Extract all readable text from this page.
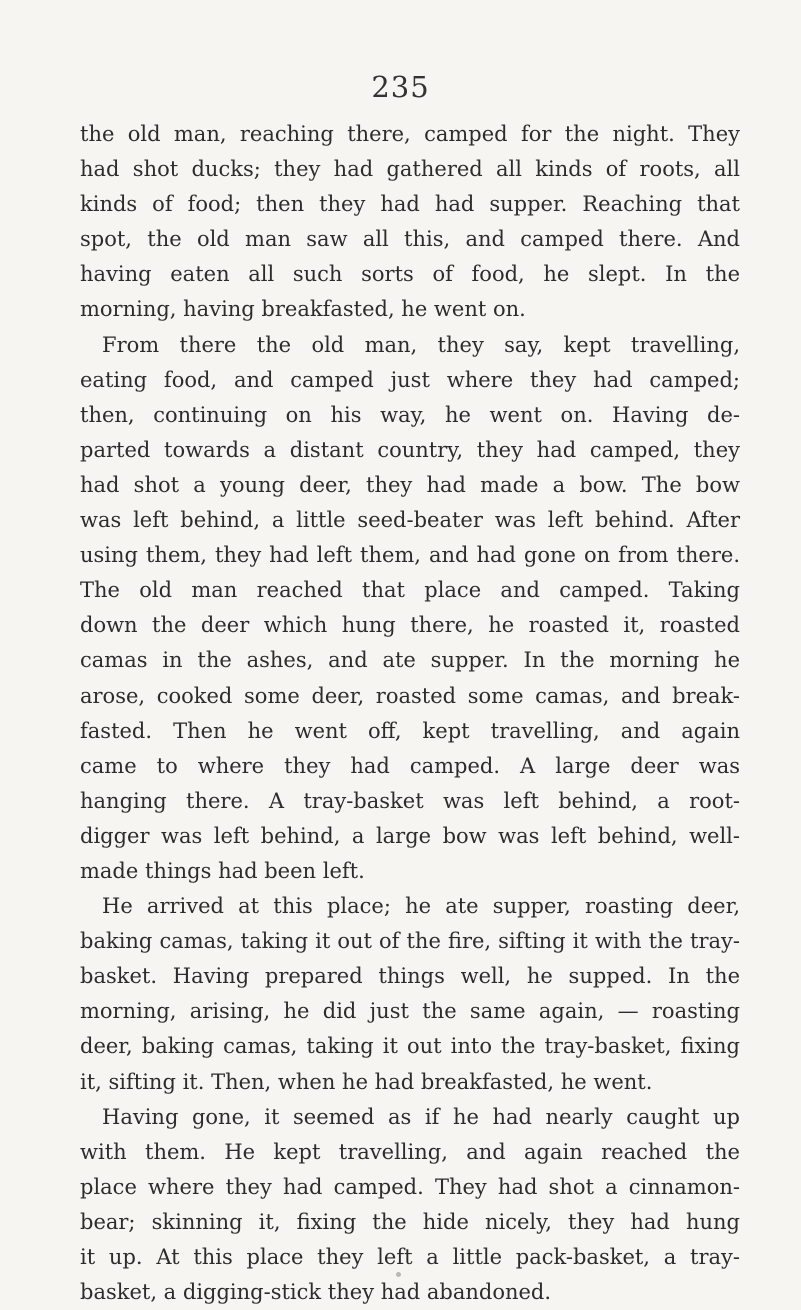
235
the old man, reaching there, camped for the night. They
had shot ducks; they had gathered all kinds of roots, all
kinds of food; then they had had supper. Reaching that
spot, the old man saw all this, and camped there. And
having eaten all such sorts of food, he slept. In the
morning, having breakfasted, he went on.
From there the old man, they say, kept travelling,
eating food, and camped just where they had camped;
then, continuing on his way, he went on. Having de-
parted towards a distant country, they had camped, they
had shot a young deer, they had made a bow. The bow
was left behind, a little seed-beater was left behind. After
using them, they had left them, and had gone on from there.
The old man reached that place and camped. Taking
down the deer which hung there, he roasted it, roasted
camas in the ashes, and ate supper. In the morning he
arose, cooked some deer, roasted some camas, and break-
fasted. Then he went off, kept travelling, and again
came to where they had camped. A large deer was
hanging there. A tray-basket was left behind, a root-
digger was left behind, a large bow was left behind, well-
made things had been left.
He arrived at this place; he ate supper, roasting deer,
baking camas, taking it out of the fire, sifting it with the tray-
basket. Having prepared things well, he supped. In the
morning, arising, he did just the same again, — roasting
deer, baking camas, taking it out into the tray-basket, fixing
it, sifting it. Then, when he had breakfasted, he went.
Having gone, it seemed as if he had nearly caught up
with them. He kept travelling, and again reached the
place where they had camped. They had shot a cinnamon-
bear; skinning it, fixing the hide nicely, they had hung
it up. At this place they left a little pack-basket, a tray-
basket, a digging-stick they had abandoned.
